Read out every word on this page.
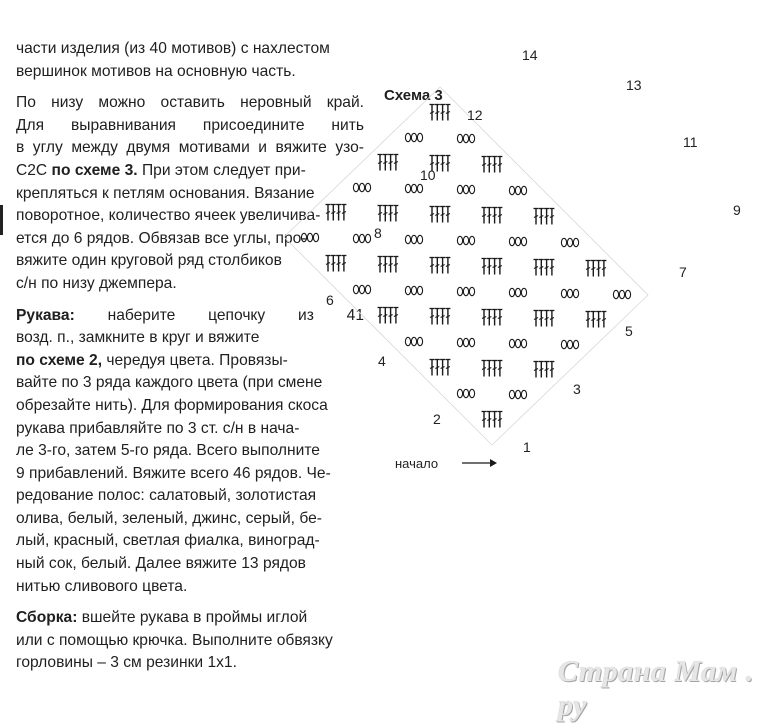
части изделия (из 40 мотивов) с нахлестом
вершинок мотивов на основную часть.

По низу можно оставить неровный край.
Для выравнивания присоедините нить
в углу между двумя мотивами и вяжите узо-
С2С по схеме 3. При этом следует при-
крепляться к петлям основания. Вязание
поворотное, количество ячеек увеличива-
ется до 6 рядов. Обвязав все углы, про-
вяжите один круговой ряд столбиков
с/н по низу джемпера.

Рукава: наберите цепочку из 41
возд. п., замкните в круг и вяжите
по схеме 2, чередуя цвета. Провязы-
вайте по 3 ряда каждого цвета (при смене
обрезайте нить). Для формирования скоса
рукава прибавляйте по 3 ст. с/н в нача-
ле 3-го, затем 5-го ряда. Всего выполните
9 прибавлений. Вяжите всего 46 рядов. Че-
редование полос: салатовый, золотистая
олива, белый, зеленый, джинс, серый, бе-
лый, красный, светлая фиалка, виноград-
ный сок, белый. Далее вяжите 13 рядов
нитью сливового цвета.

Сборка: вшейте рукава в проймы иглой
или с помощью крючка. Выполните обвязку
горловины – 3 см резинки 1х1.

Схема 3
1
2
3
4
5
6
7
8
9
10
11
12
13
14
начало
Страна Мам . ру
